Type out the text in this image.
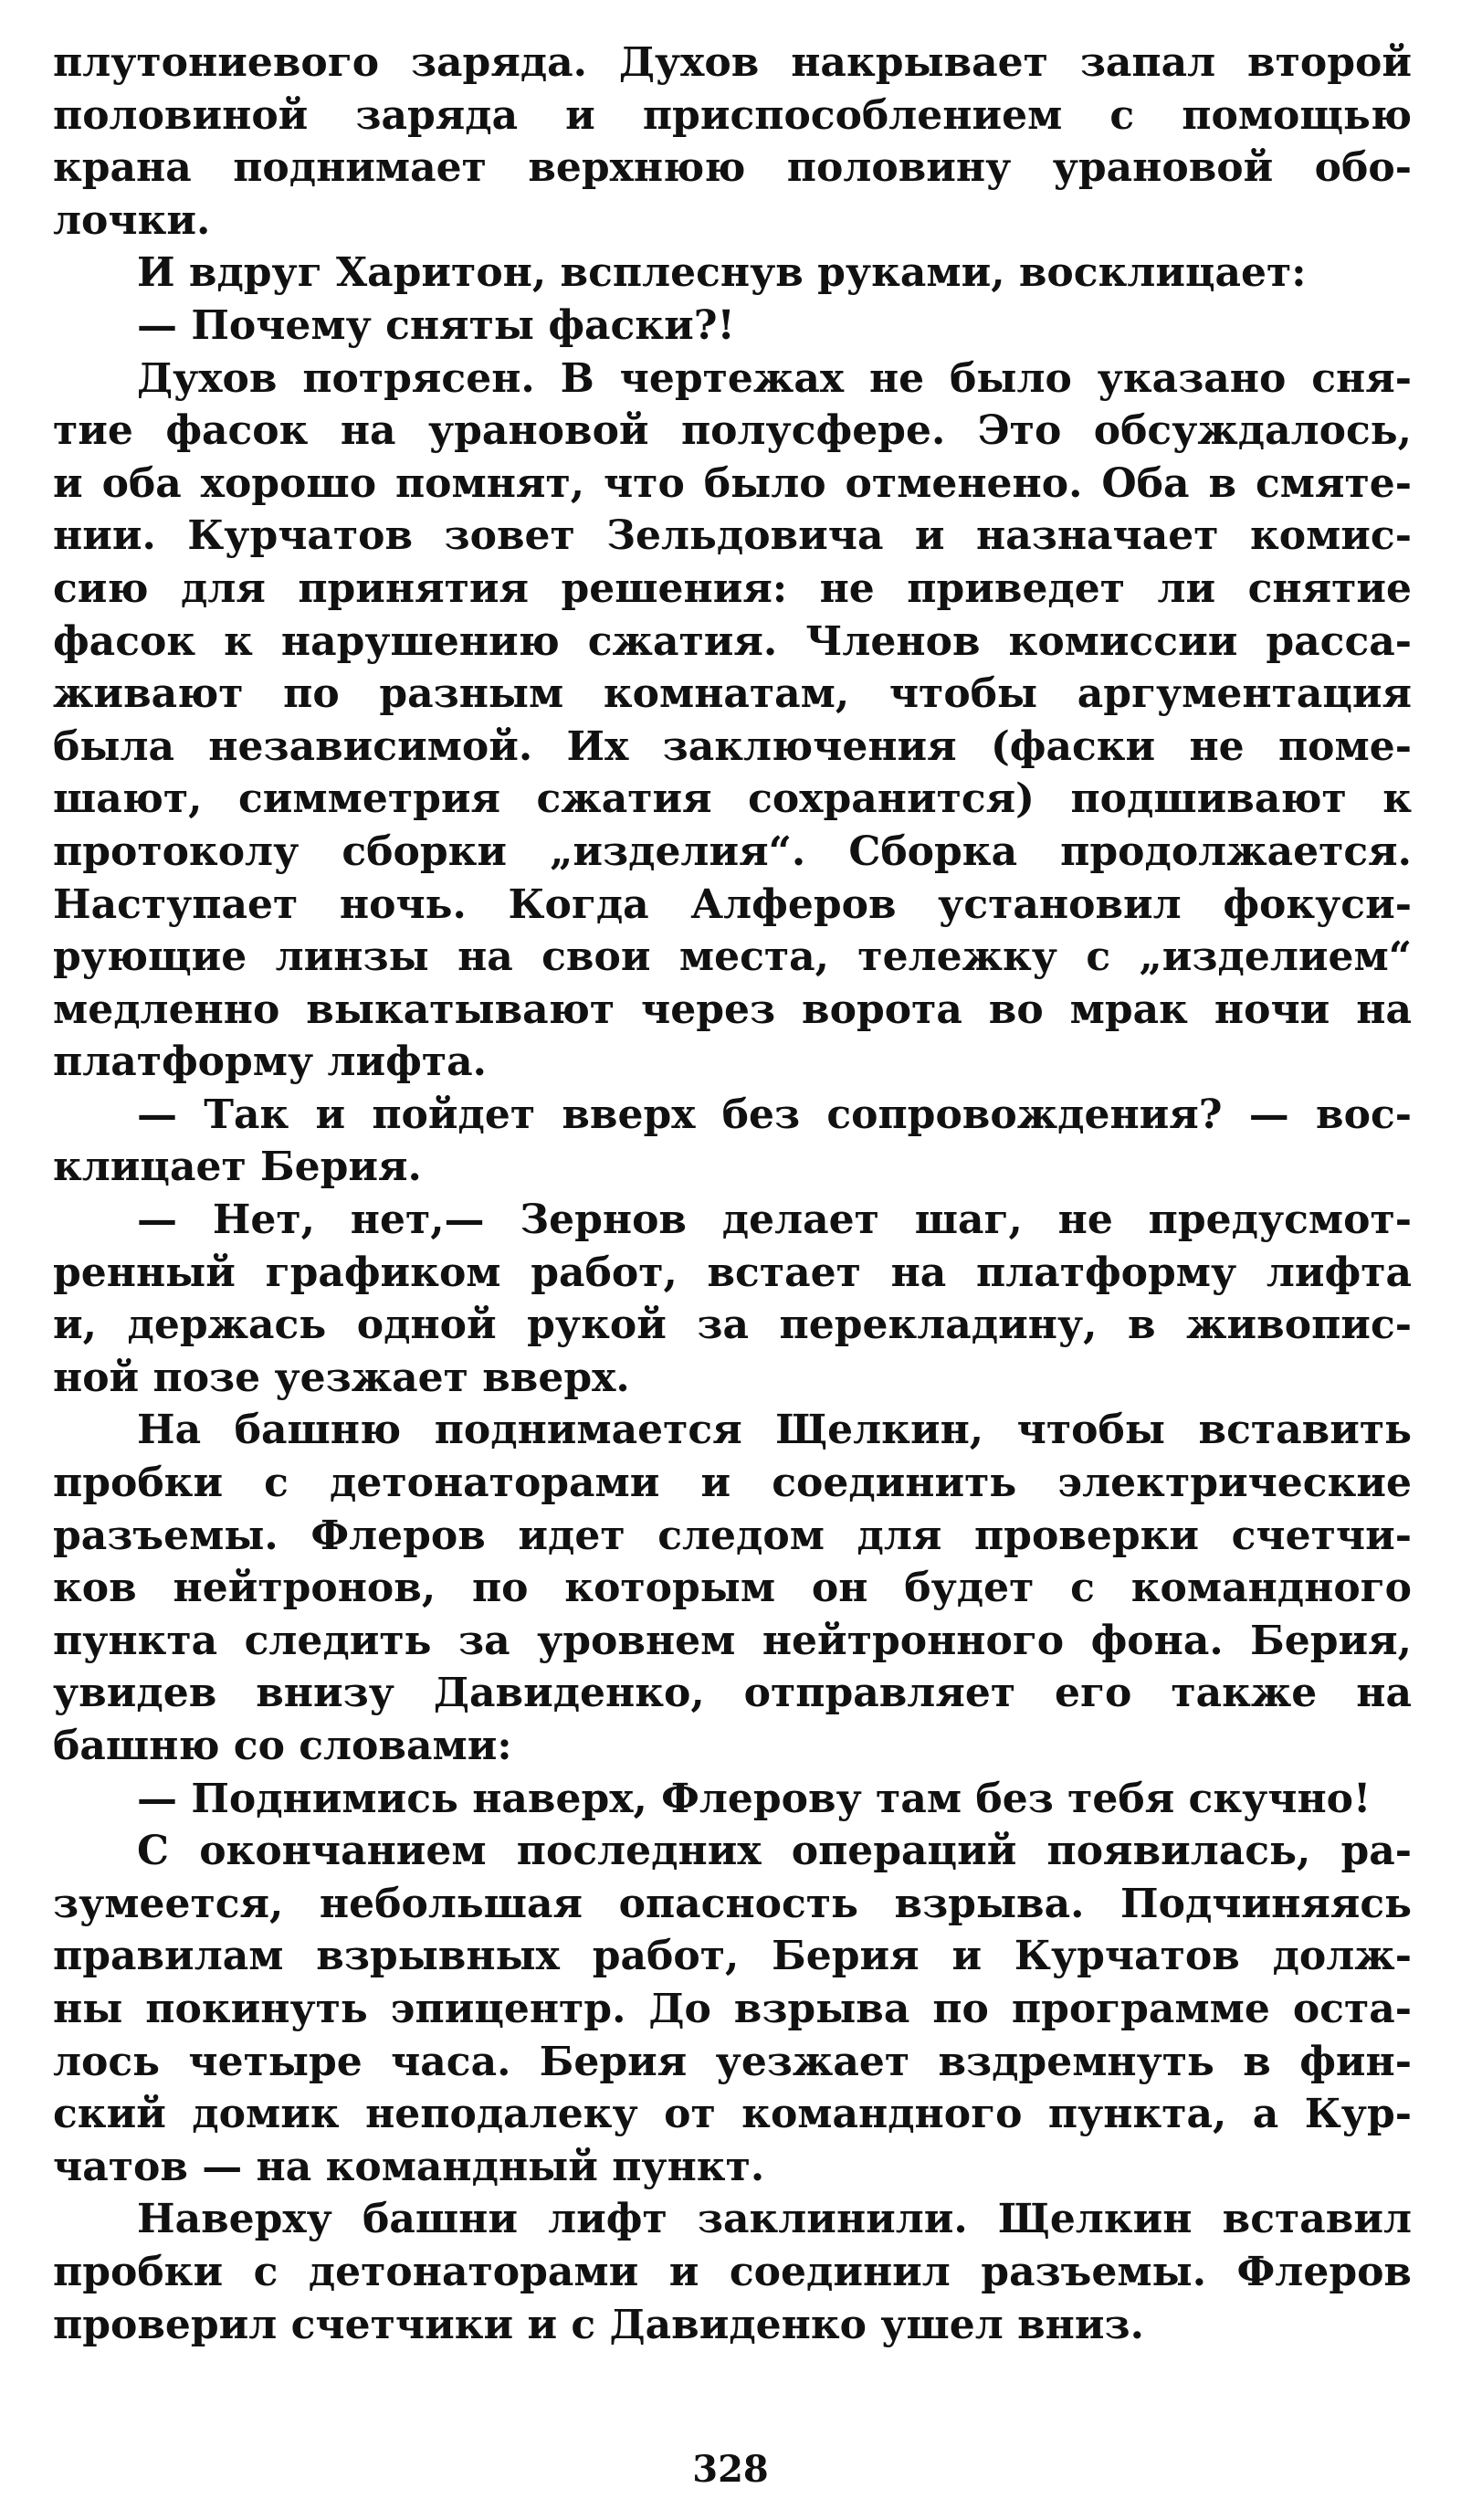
плутониевого заряда. Духов накрывает запал второй
половиной заряда и приспособлением с помощью
крана поднимает верхнюю половину урановой обо-
лочки.
И вдруг Харитон, всплеснув руками, восклицает:
— Почему сняты фаски?!
Духов потрясен. В чертежах не было указано сня-
тие фасок на урановой полусфере. Это обсуждалось,
и оба хорошо помнят, что было отменено. Оба в смяте-
нии. Курчатов зовет Зельдовича и назначает комис-
сию для принятия решения: не приведет ли снятие
фасок к нарушению сжатия. Членов комиссии расса-
живают по разным комнатам, чтобы аргументация
была независимой. Их заключения (фаски не поме-
шают, симметрия сжатия сохранится) подшивают к
протоколу сборки „изделия“. Сборка продолжается.
Наступает ночь. Когда Алферов установил фокуси-
рующие линзы на свои места, тележку с „изделием“
медленно выкатывают через ворота во мрак ночи на
платформу лифта.
— Так и пойдет вверх без сопровождения? — вос-
клицает Берия.
— Нет, нет,— Зернов делает шаг, не предусмот-
ренный графиком работ, встает на платформу лифта
и, держась одной рукой за перекладину, в живопис-
ной позе уезжает вверх.
На башню поднимается Щелкин, чтобы вставить
пробки с детонаторами и соединить электрические
разъемы. Флеров идет следом для проверки счетчи-
ков нейтронов, по которым он будет с командного
пункта следить за уровнем нейтронного фона. Берия,
увидев внизу Давиденко, отправляет его также на
башню со словами:
— Поднимись наверх, Флерову там без тебя скучно!
С окончанием последних операций появилась, ра-
зумеется, небольшая опасность взрыва. Подчиняясь
правилам взрывных работ, Берия и Курчатов долж-
ны покинуть эпицентр. До взрыва по программе оста-
лось четыре часа. Берия уезжает вздремнуть в фин-
ский домик неподалеку от командного пункта, а Кур-
чатов — на командный пункт.
Наверху башни лифт заклинили. Щелкин вставил
пробки с детонаторами и соединил разъемы. Флеров
проверил счетчики и с Давиденко ушел вниз.
328
